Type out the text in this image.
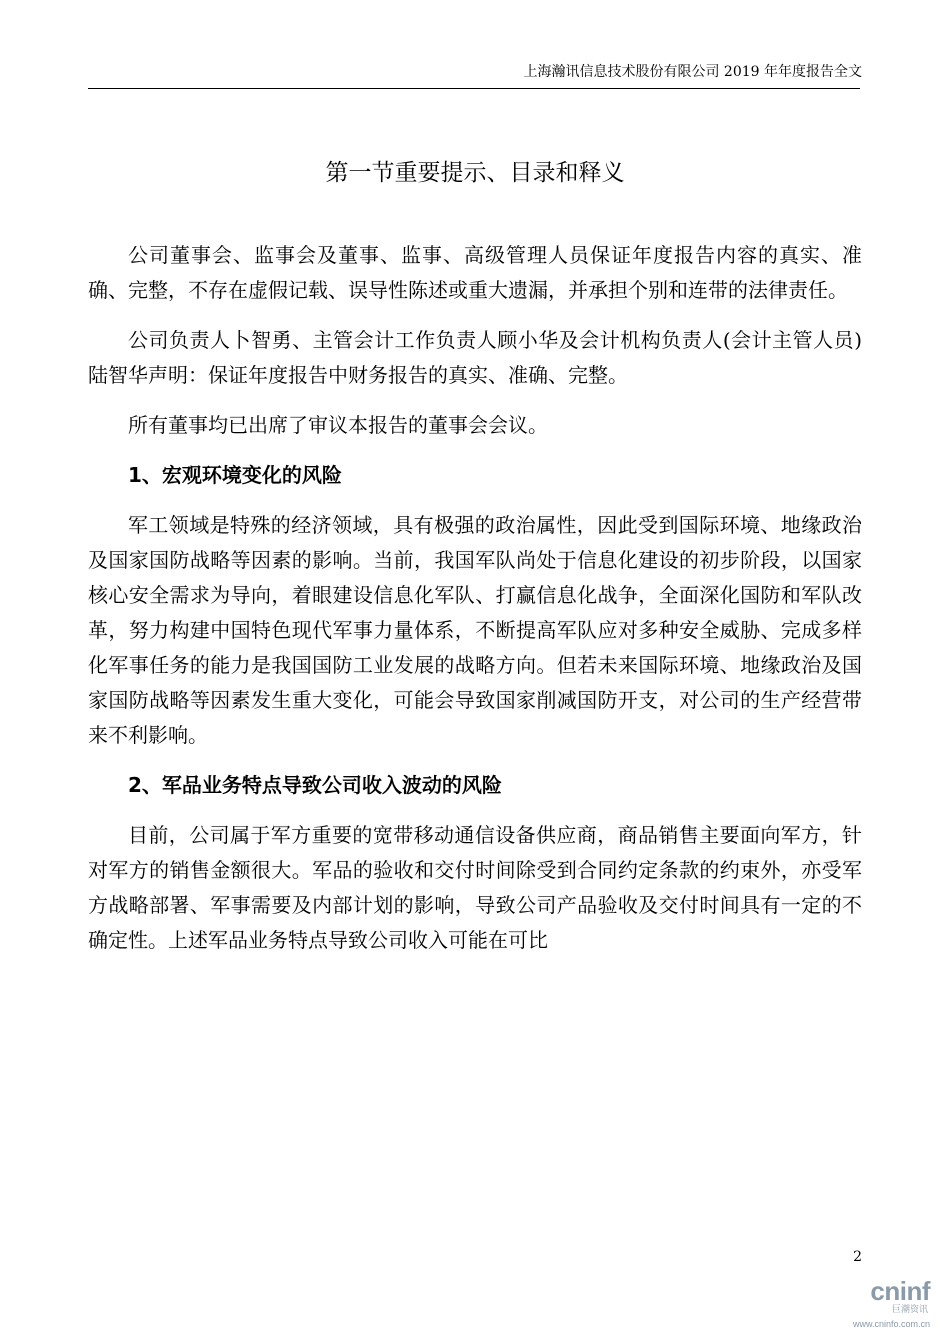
上海瀚讯信息技术股份有限公司 2019 年年度报告全文
第一节重要提示、目录和释义

公司董事会、监事会及董事、监事、高级管理人员保证年度报告内容的真实、准确、完整，不存在虚假记载、误导性陈述或重大遗漏，并承担个别和连带的法律责任。

公司负责人卜智勇、主管会计工作负责人顾小华及会计机构负责人(会计主管人员)陆智华声明：保证年度报告中财务报告的真实、准确、完整。

所有董事均已出席了审议本报告的董事会会议。

1、宏观环境变化的风险

军工领域是特殊的经济领域，具有极强的政治属性，因此受到国际环境、地缘政治及国家国防战略等因素的影响。当前，我国军队尚处于信息化建设的初步阶段，以国家核心安全需求为导向，着眼建设信息化军队、打赢信息化战争，全面深化国防和军队改革，努力构建中国特色现代军事力量体系，不断提高军队应对多种安全威胁、完成多样化军事任务的能力是我国国防工业发展的战略方向。但若未来国际环境、地缘政治及国家国防战略等因素发生重大变化，可能会导致国家削减国防开支，对公司的生产经营带来不利影响。

2、军品业务特点导致公司收入波动的风险

目前，公司属于军方重要的宽带移动通信设备供应商，商品销售主要面向军方，针对军方的销售金额很大。军品的验收和交付时间除受到合同约定条款的约束外，亦受军方战略部署、军事需要及内部计划的影响，导致公司产品验收及交付时间具有一定的不确定性。上述军品业务特点导致公司收入可能在可比

2
cninf
巨潮资讯
www.cninfo.com.cn
